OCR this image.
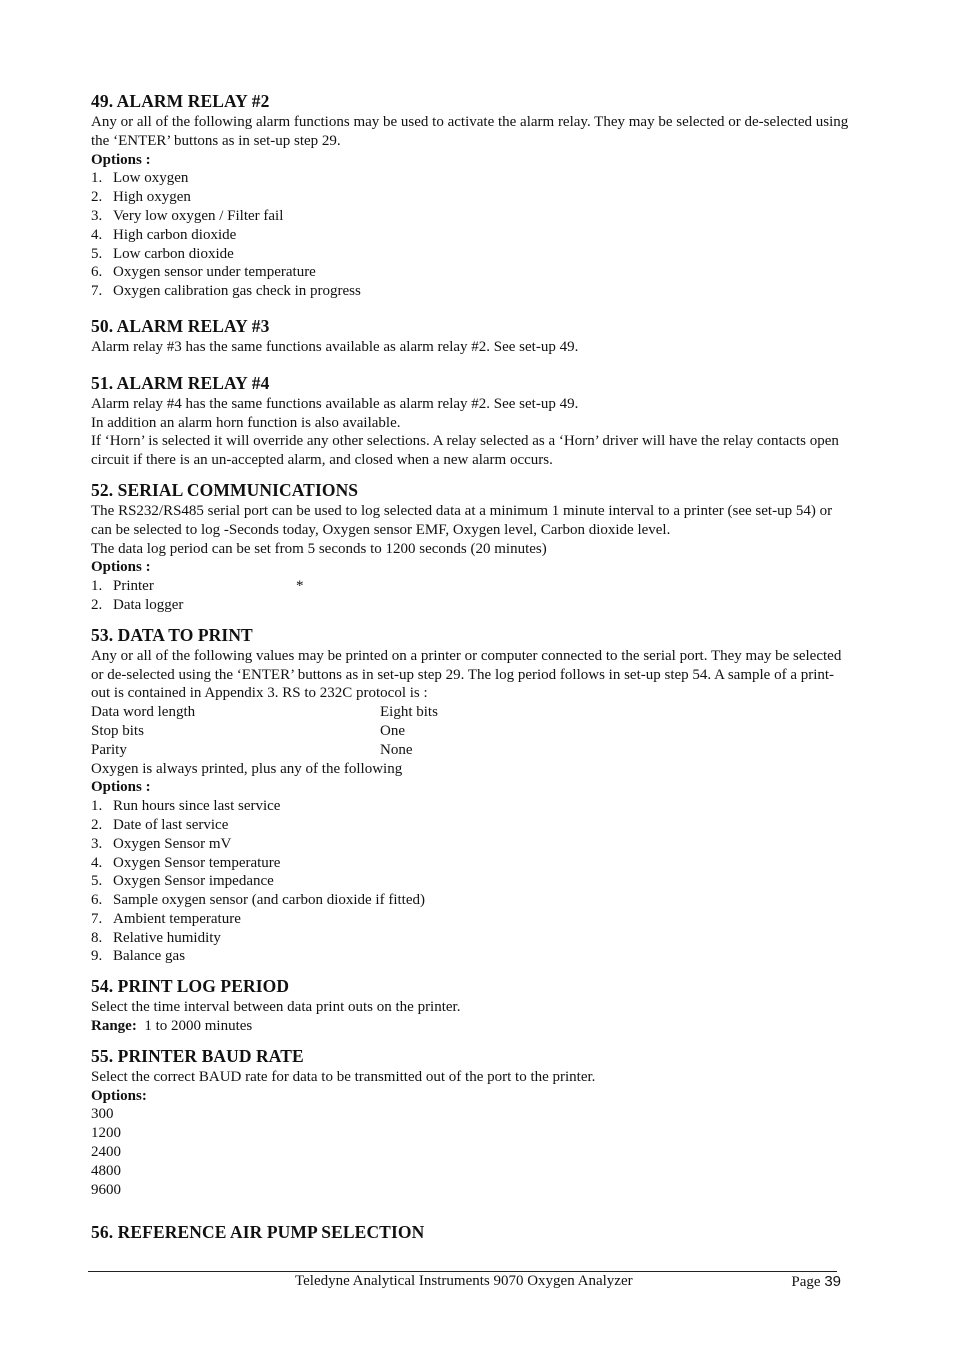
49. ALARM RELAY #2

Any or all of the following alarm functions may be used to activate the alarm relay. They may be selected or de-selected using the ‘ENTER’ buttons as in set-up step 29.

Options :

1. Low oxygen
2. High oxygen
3. Very low oxygen / Filter fail
4. High carbon dioxide
5. Low carbon dioxide
6. Oxygen sensor under temperature
7. Oxygen calibration gas check in progress
50. ALARM RELAY #3

Alarm relay #3 has the same functions available as alarm relay #2. See set-up 49.

51. ALARM RELAY #4

Alarm relay #4 has the same functions available as alarm relay #2. See set-up 49.

In addition an alarm horn function is also available.

If ‘Horn’ is selected it will override any other selections. A relay selected as a ‘Horn’ driver will have the relay contacts open circuit if there is an un-accepted alarm, and closed when a new alarm occurs.

52. SERIAL COMMUNICATIONS

The RS232/RS485 serial port can be used to log selected data at a minimum 1 minute interval to a printer (see set-up 54) or can be selected to log -Seconds today, Oxygen sensor EMF, Oxygen level, Carbon dioxide level.

The data log period can be set from 5 seconds to 1200 seconds (20 minutes)

Options :

1. Printer	*
2. Data logger
53. DATA TO PRINT

Any or all of the following values may be printed on a printer or computer connected to the serial port. They may be selected or de-selected using the ‘ENTER’ buttons as in set-up step 29. The log period follows in set-up step 54. A sample of a print-out is contained in Appendix 3. RS to 232C protocol is :

Data word length	Eight bits
Stop bits	One
Parity	None

Oxygen is always printed, plus any of the following

Options :

1. Run hours since last service
2. Date of last service
3. Oxygen Sensor mV
4. Oxygen Sensor temperature
5. Oxygen Sensor impedance
6. Sample oxygen sensor (and carbon dioxide if fitted)
7. Ambient temperature
8. Relative humidity
9. Balance gas
54. PRINT LOG PERIOD

Select the time interval between data print outs on the printer.

Range: 1 to 2000 minutes

55. PRINTER BAUD RATE

Select the correct BAUD rate for data to be transmitted out of the port to the printer.

Options:

300
1200
2400
4800
9600
56. REFERENCE AIR PUMP SELECTION
Teledyne Analytical Instruments 9070 Oxygen Analyzer	Page 39
